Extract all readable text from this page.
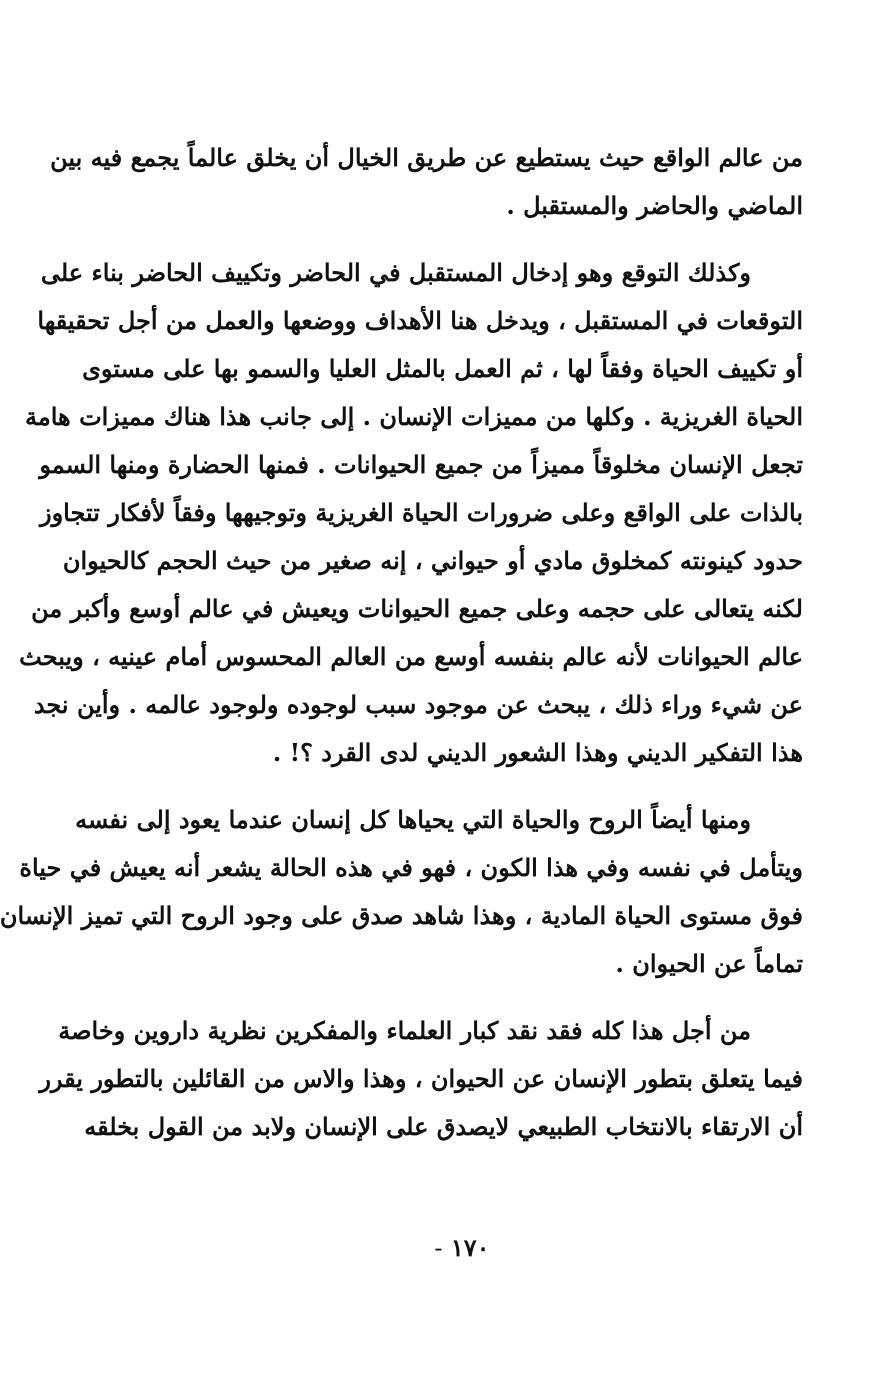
من عالم الواقع حيث يستطيع عن طريق الخيال أن يخلق عالماً يجمع فيه بين
الماضي والحاضر والمستقبل .

وكذلك التوقع وهو إدخال المستقبل في الحاضر وتكييف الحاضر بناء على
التوقعات في المستقبل ، ويدخل هنا الأهداف ووضعها والعمل من أجل تحقيقها
أو تكييف الحياة وفقاً لها ، ثم العمل بالمثل العليا والسمو بها على مستوى
الحياة الغريزية . وكلها من مميزات الإنسان . إلى جانب هذا هناك مميزات هامة
تجعل الإنسان مخلوقاً مميزاً من جميع الحيوانات . فمنها الحضارة ومنها السمو
بالذات على الواقع وعلى ضرورات الحياة الغريزية وتوجيهها وفقاً لأفكار تتجاوز
حدود كينونته كمخلوق مادي أو حيواني ، إنه صغير من حيث الحجم كالحيوان
لكنه يتعالى على حجمه وعلى جميع الحيوانات ويعيش في عالم أوسع وأكبر من
عالم الحيوانات لأنه عالم بنفسه أوسع من العالم المحسوس أمام عينيه ، ويبحث
عن شيء وراء ذلك ، يبحث عن موجود سبب لوجوده ولوجود عالمه . وأين نجد
هذا التفكير الديني وهذا الشعور الديني لدى القرد ؟! .

ومنها أيضاً الروح والحياة التي يحياها كل إنسان عندما يعود إلى نفسه
ويتأمل في نفسه وفي هذا الكون ، فهو في هذه الحالة يشعر أنه يعيش في حياة
فوق مستوى الحياة المادية ، وهذا شاهد صدق على وجود الروح التي تميز الإنسان
تماماً عن الحيوان .

من أجل هذا كله فقد نقد كبار العلماء والمفكرين نظرية داروين وخاصة
فيما يتعلق بتطور الإنسان عن الحيوان ، وهذا والاس من القائلين بالتطور يقرر
أن الارتقاء بالانتخاب الطبيعي لايصدق على الإنسان ولابد من القول بخلقه

١٧٠ -
